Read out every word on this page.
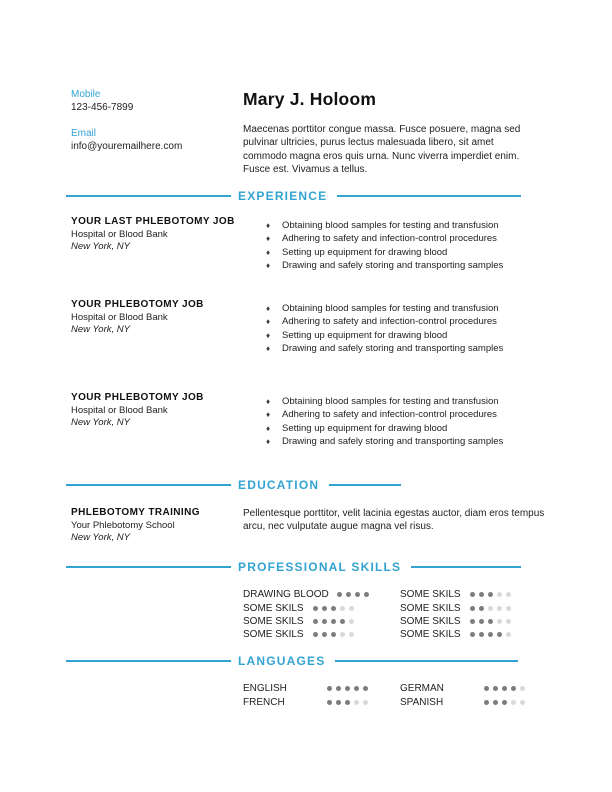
Mobile
123-456-7899
Email
info@youremailhere.com
Mary J. Holoom
Maecenas porttitor congue massa. Fusce posuere, magna sed pulvinar ultricies, purus lectus malesuada libero, sit amet commodo magna eros quis urna. Nunc viverra imperdiet enim. Fusce est. Vivamus a tellus.
EXPERIENCE
YOUR LAST PHLEBOTOMY JOB
Hospital or Blood Bank
New York, NY
♦ Obtaining blood samples for testing and transfusion
♦ Adhering to safety and infection-control procedures
♦ Setting up equipment for drawing blood
♦ Drawing and safely storing and transporting samples
YOUR PHLEBOTOMY JOB
Hospital or Blood Bank
New York, NY
♦ Obtaining blood samples for testing and transfusion
♦ Adhering to safety and infection-control procedures
♦ Setting up equipment for drawing blood
♦ Drawing and safely storing and transporting samples
YOUR PHLEBOTOMY JOB
Hospital or Blood Bank
New York, NY
♦ Obtaining blood samples for testing and transfusion
♦ Adhering to safety and infection-control procedures
♦ Setting up equipment for drawing blood
♦ Drawing and safely storing and transporting samples
EDUCATION
PHLEBOTOMY TRAINING
Your Phlebotomy School
New York, NY
Pellentesque porttitor, velit lacinia egestas auctor, diam eros tempus arcu, nec vulputate augue magna vel risus.
PROFESSIONAL SKILLS
DRAWING BLOOD
SOME SKILS
SOME SKILS
SOME SKILS
SOME SKILS
SOME SKILS
SOME SKILS
SOME SKILS
LANGUAGES
ENGLISH
FRENCH
GERMAN
SPANISH
